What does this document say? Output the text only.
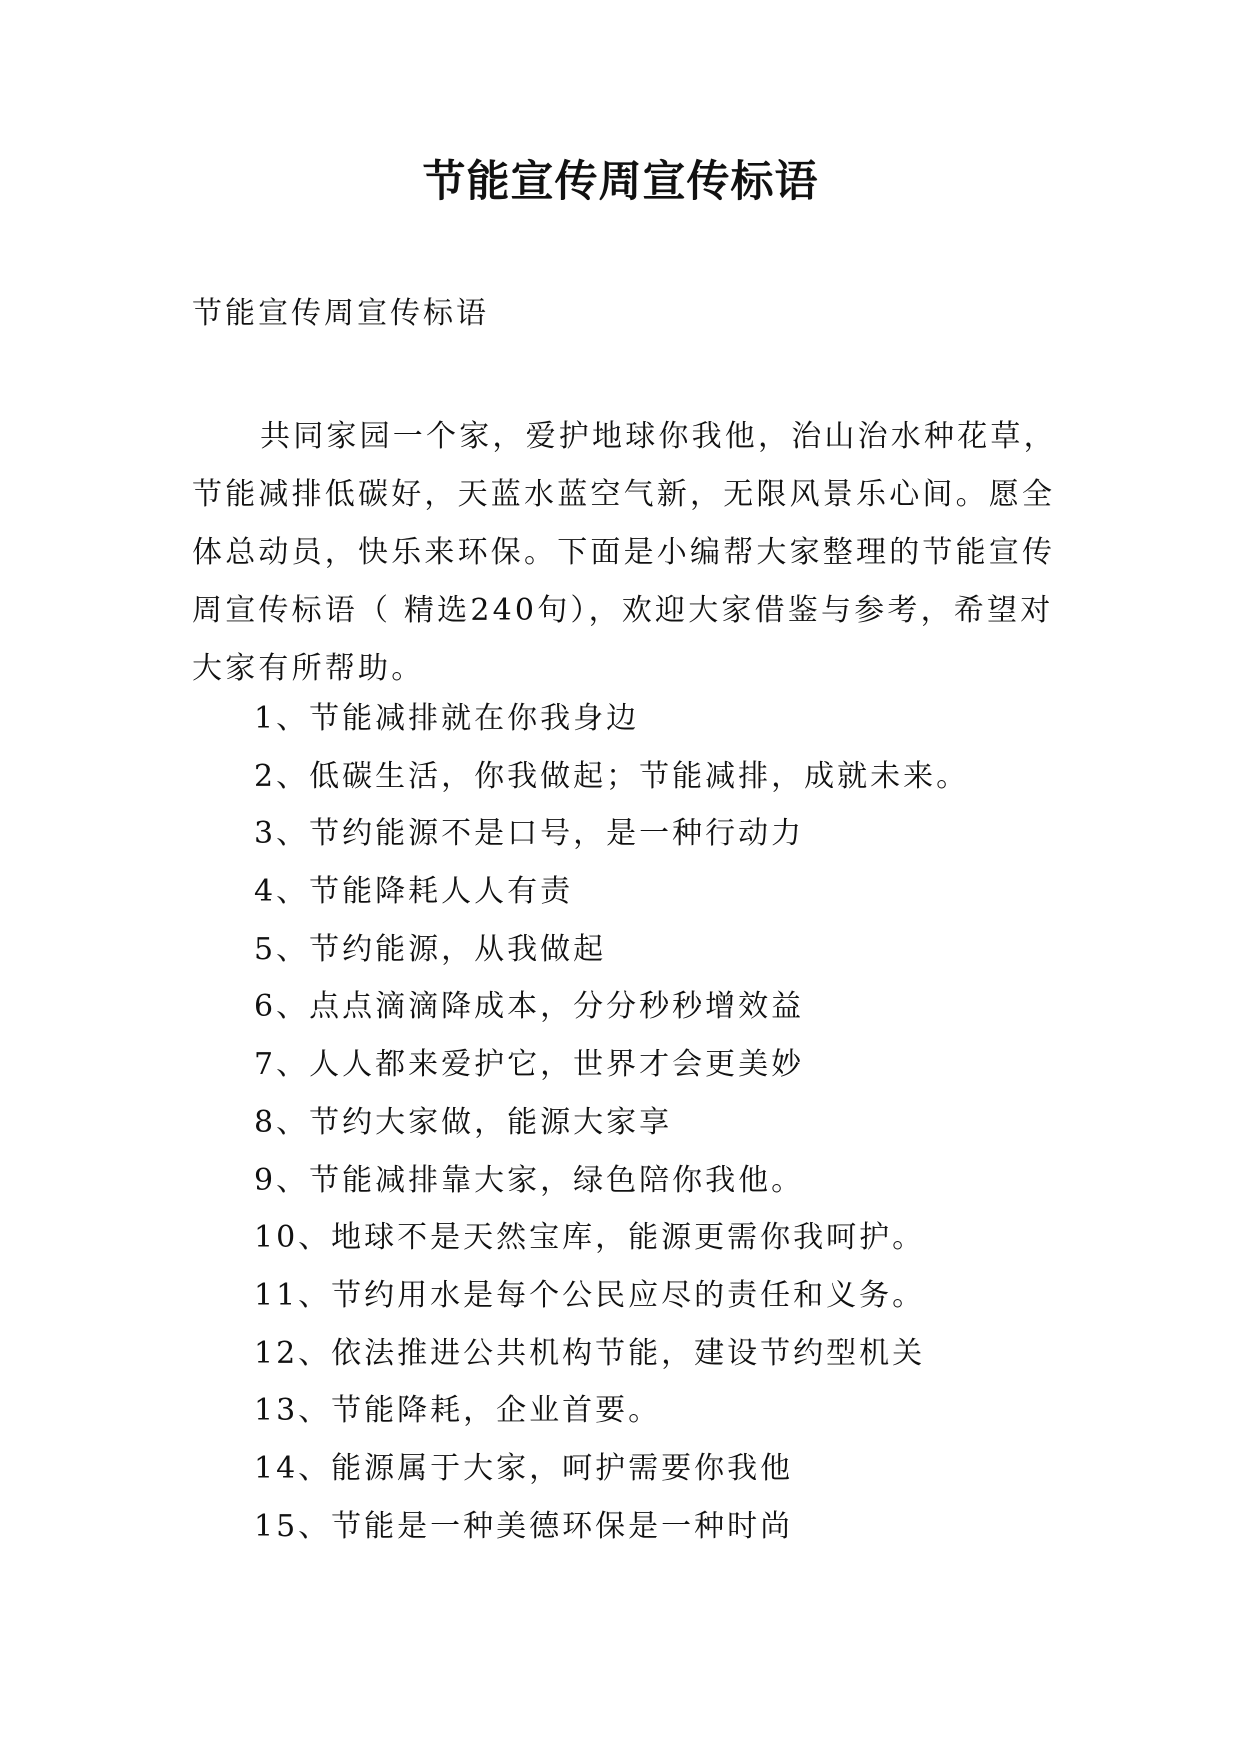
节能宣传周宣传标语

节能宣传周宣传标语

共同家园一个家，爱护地球你我他，治山治水种花草，
节能减排低碳好，天蓝水蓝空气新，无限风景乐心间。愿全
体总动员，快乐来环保。下面是小编帮大家整理的节能宣传
周宣传标语（ 精选240句），欢迎大家借鉴与参考，希望对
大家有所帮助。
1、节能减排就在你我身边
2、低碳生活，你我做起；节能减排，成就未来。
3、节约能源不是口号，是一种行动力
4、节能降耗人人有责
5、节约能源，从我做起
6、点点滴滴降成本，分分秒秒增效益
7、人人都来爱护它，世界才会更美妙
8、节约大家做，能源大家享
9、节能减排靠大家，绿色陪你我他。
10、地球不是天然宝库，能源更需你我呵护。
11、节约用水是每个公民应尽的责任和义务。
12、依法推进公共机构节能，建设节约型机关
13、节能降耗，企业首要。
14、能源属于大家，呵护需要你我他
15、节能是一种美德环保是一种时尚
